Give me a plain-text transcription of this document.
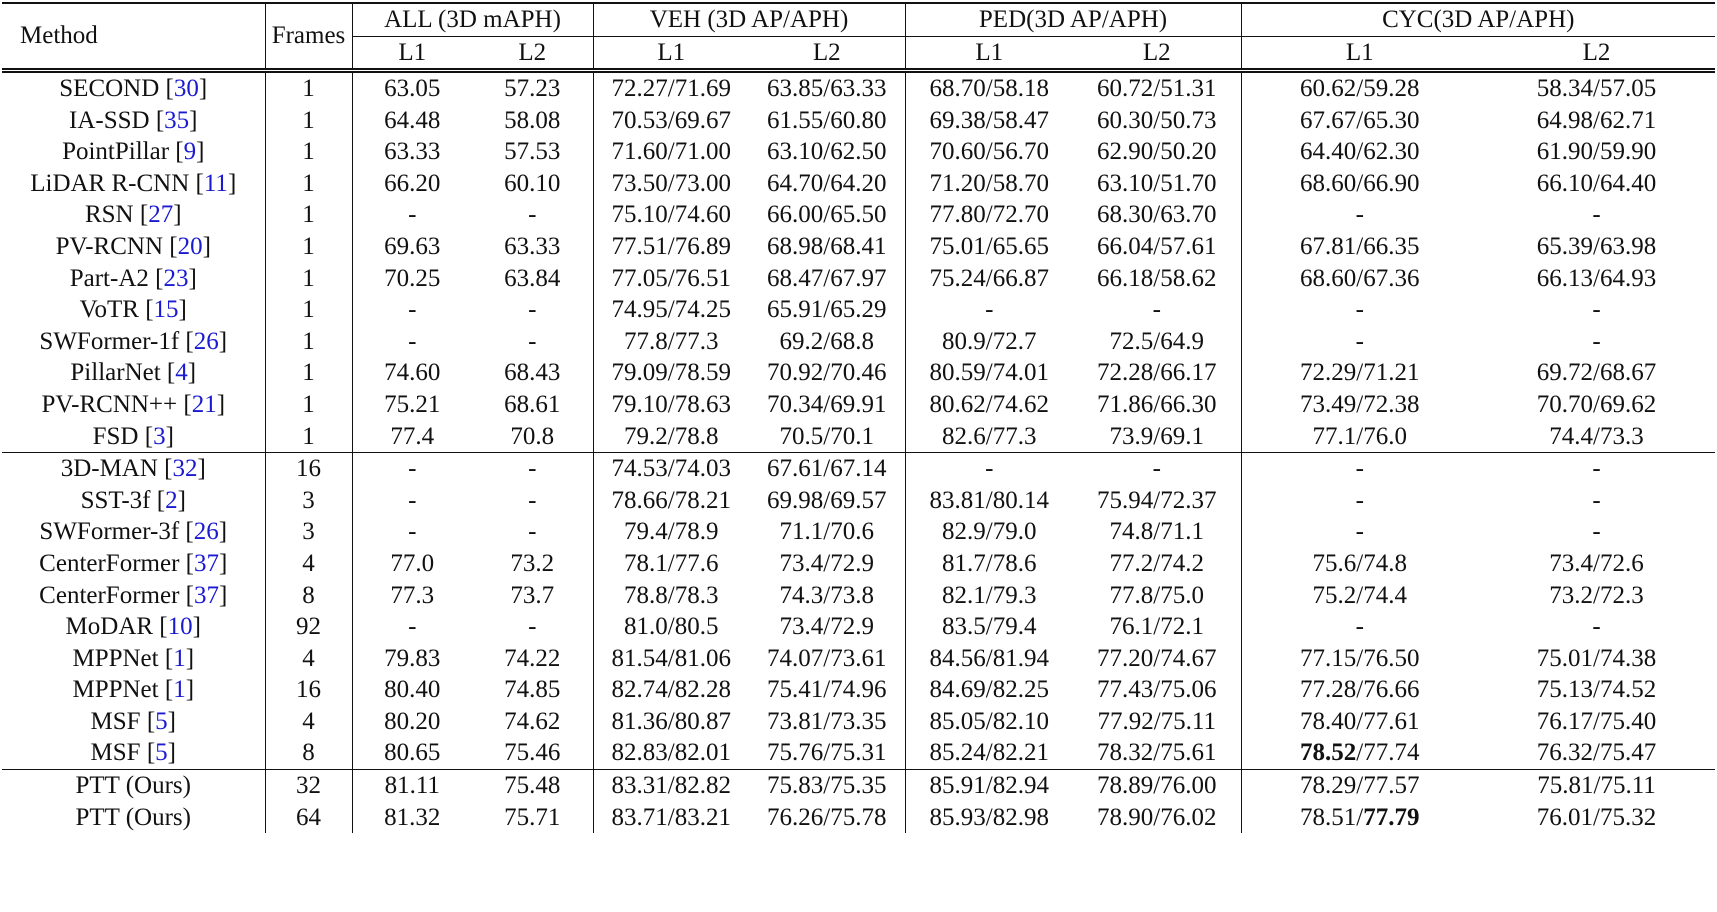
Method	Frames	ALL (3D mAPH)		VEH (3D AP/APH)		PED(3D AP/APH)		CYC(3D AP/APH)	
		L1	L2	L1	L2	L1	L2	L1	L2
SECOND [30]	1	63.05	57.23	72.27/71.69	63.85/63.33	68.70/58.18	60.72/51.31	60.62/59.28	58.34/57.05
IA-SSD [35]	1	64.48	58.08	70.53/69.67	61.55/60.80	69.38/58.47	60.30/50.73	67.67/65.30	64.98/62.71
PointPillar [9]	1	63.33	57.53	71.60/71.00	63.10/62.50	70.60/56.70	62.90/50.20	64.40/62.30	61.90/59.90
LiDAR R-CNN [11]	1	66.20	60.10	73.50/73.00	64.70/64.20	71.20/58.70	63.10/51.70	68.60/66.90	66.10/64.40
RSN [27]	1	-	-	75.10/74.60	66.00/65.50	77.80/72.70	68.30/63.70	-	-
PV-RCNN [20]	1	69.63	63.33	77.51/76.89	68.98/68.41	75.01/65.65	66.04/57.61	67.81/66.35	65.39/63.98
Part-A2 [23]	1	70.25	63.84	77.05/76.51	68.47/67.97	75.24/66.87	66.18/58.62	68.60/67.36	66.13/64.93
VoTR [15]	1	-	-	74.95/74.25	65.91/65.29	-	-	-	-
SWFormer-1f [26]	1	-	-	77.8/77.3	69.2/68.8	80.9/72.7	72.5/64.9	-	-
PillarNet [4]	1	74.60	68.43	79.09/78.59	70.92/70.46	80.59/74.01	72.28/66.17	72.29/71.21	69.72/68.67
PV-RCNN++ [21]	1	75.21	68.61	79.10/78.63	70.34/69.91	80.62/74.62	71.86/66.30	73.49/72.38	70.70/69.62
FSD [3]	1	77.4	70.8	79.2/78.8	70.5/70.1	82.6/77.3	73.9/69.1	77.1/76.0	74.4/73.3
3D-MAN [32]	16	-	-	74.53/74.03	67.61/67.14	-	-	-	-
SST-3f [2]	3	-	-	78.66/78.21	69.98/69.57	83.81/80.14	75.94/72.37	-	-
SWFormer-3f [26]	3	-	-	79.4/78.9	71.1/70.6	82.9/79.0	74.8/71.1	-	-
CenterFormer [37]	4	77.0	73.2	78.1/77.6	73.4/72.9	81.7/78.6	77.2/74.2	75.6/74.8	73.4/72.6
CenterFormer [37]	8	77.3	73.7	78.8/78.3	74.3/73.8	82.1/79.3	77.8/75.0	75.2/74.4	73.2/72.3
MoDAR [10]	92	-	-	81.0/80.5	73.4/72.9	83.5/79.4	76.1/72.1	-	-
MPPNet [1]	4	79.83	74.22	81.54/81.06	74.07/73.61	84.56/81.94	77.20/74.67	77.15/76.50	75.01/74.38
MPPNet [1]	16	80.40	74.85	82.74/82.28	75.41/74.96	84.69/82.25	77.43/75.06	77.28/76.66	75.13/74.52
MSF [5]	4	80.20	74.62	81.36/80.87	73.81/73.35	85.05/82.10	77.92/75.11	78.40/77.61	76.17/75.40
MSF [5]	8	80.65	75.46	82.83/82.01	75.76/75.31	85.24/82.21	78.32/75.61	78.52/77.74	76.32/75.47
PTT (Ours)	32	81.11	75.48	83.31/82.82	75.83/75.35	85.91/82.94	78.89/76.00	78.29/77.57	75.81/75.11
PTT (Ours)	64	81.32	75.71	83.71/83.21	76.26/75.78	85.93/82.98	78.90/76.02	78.51/77.79	76.01/75.32
